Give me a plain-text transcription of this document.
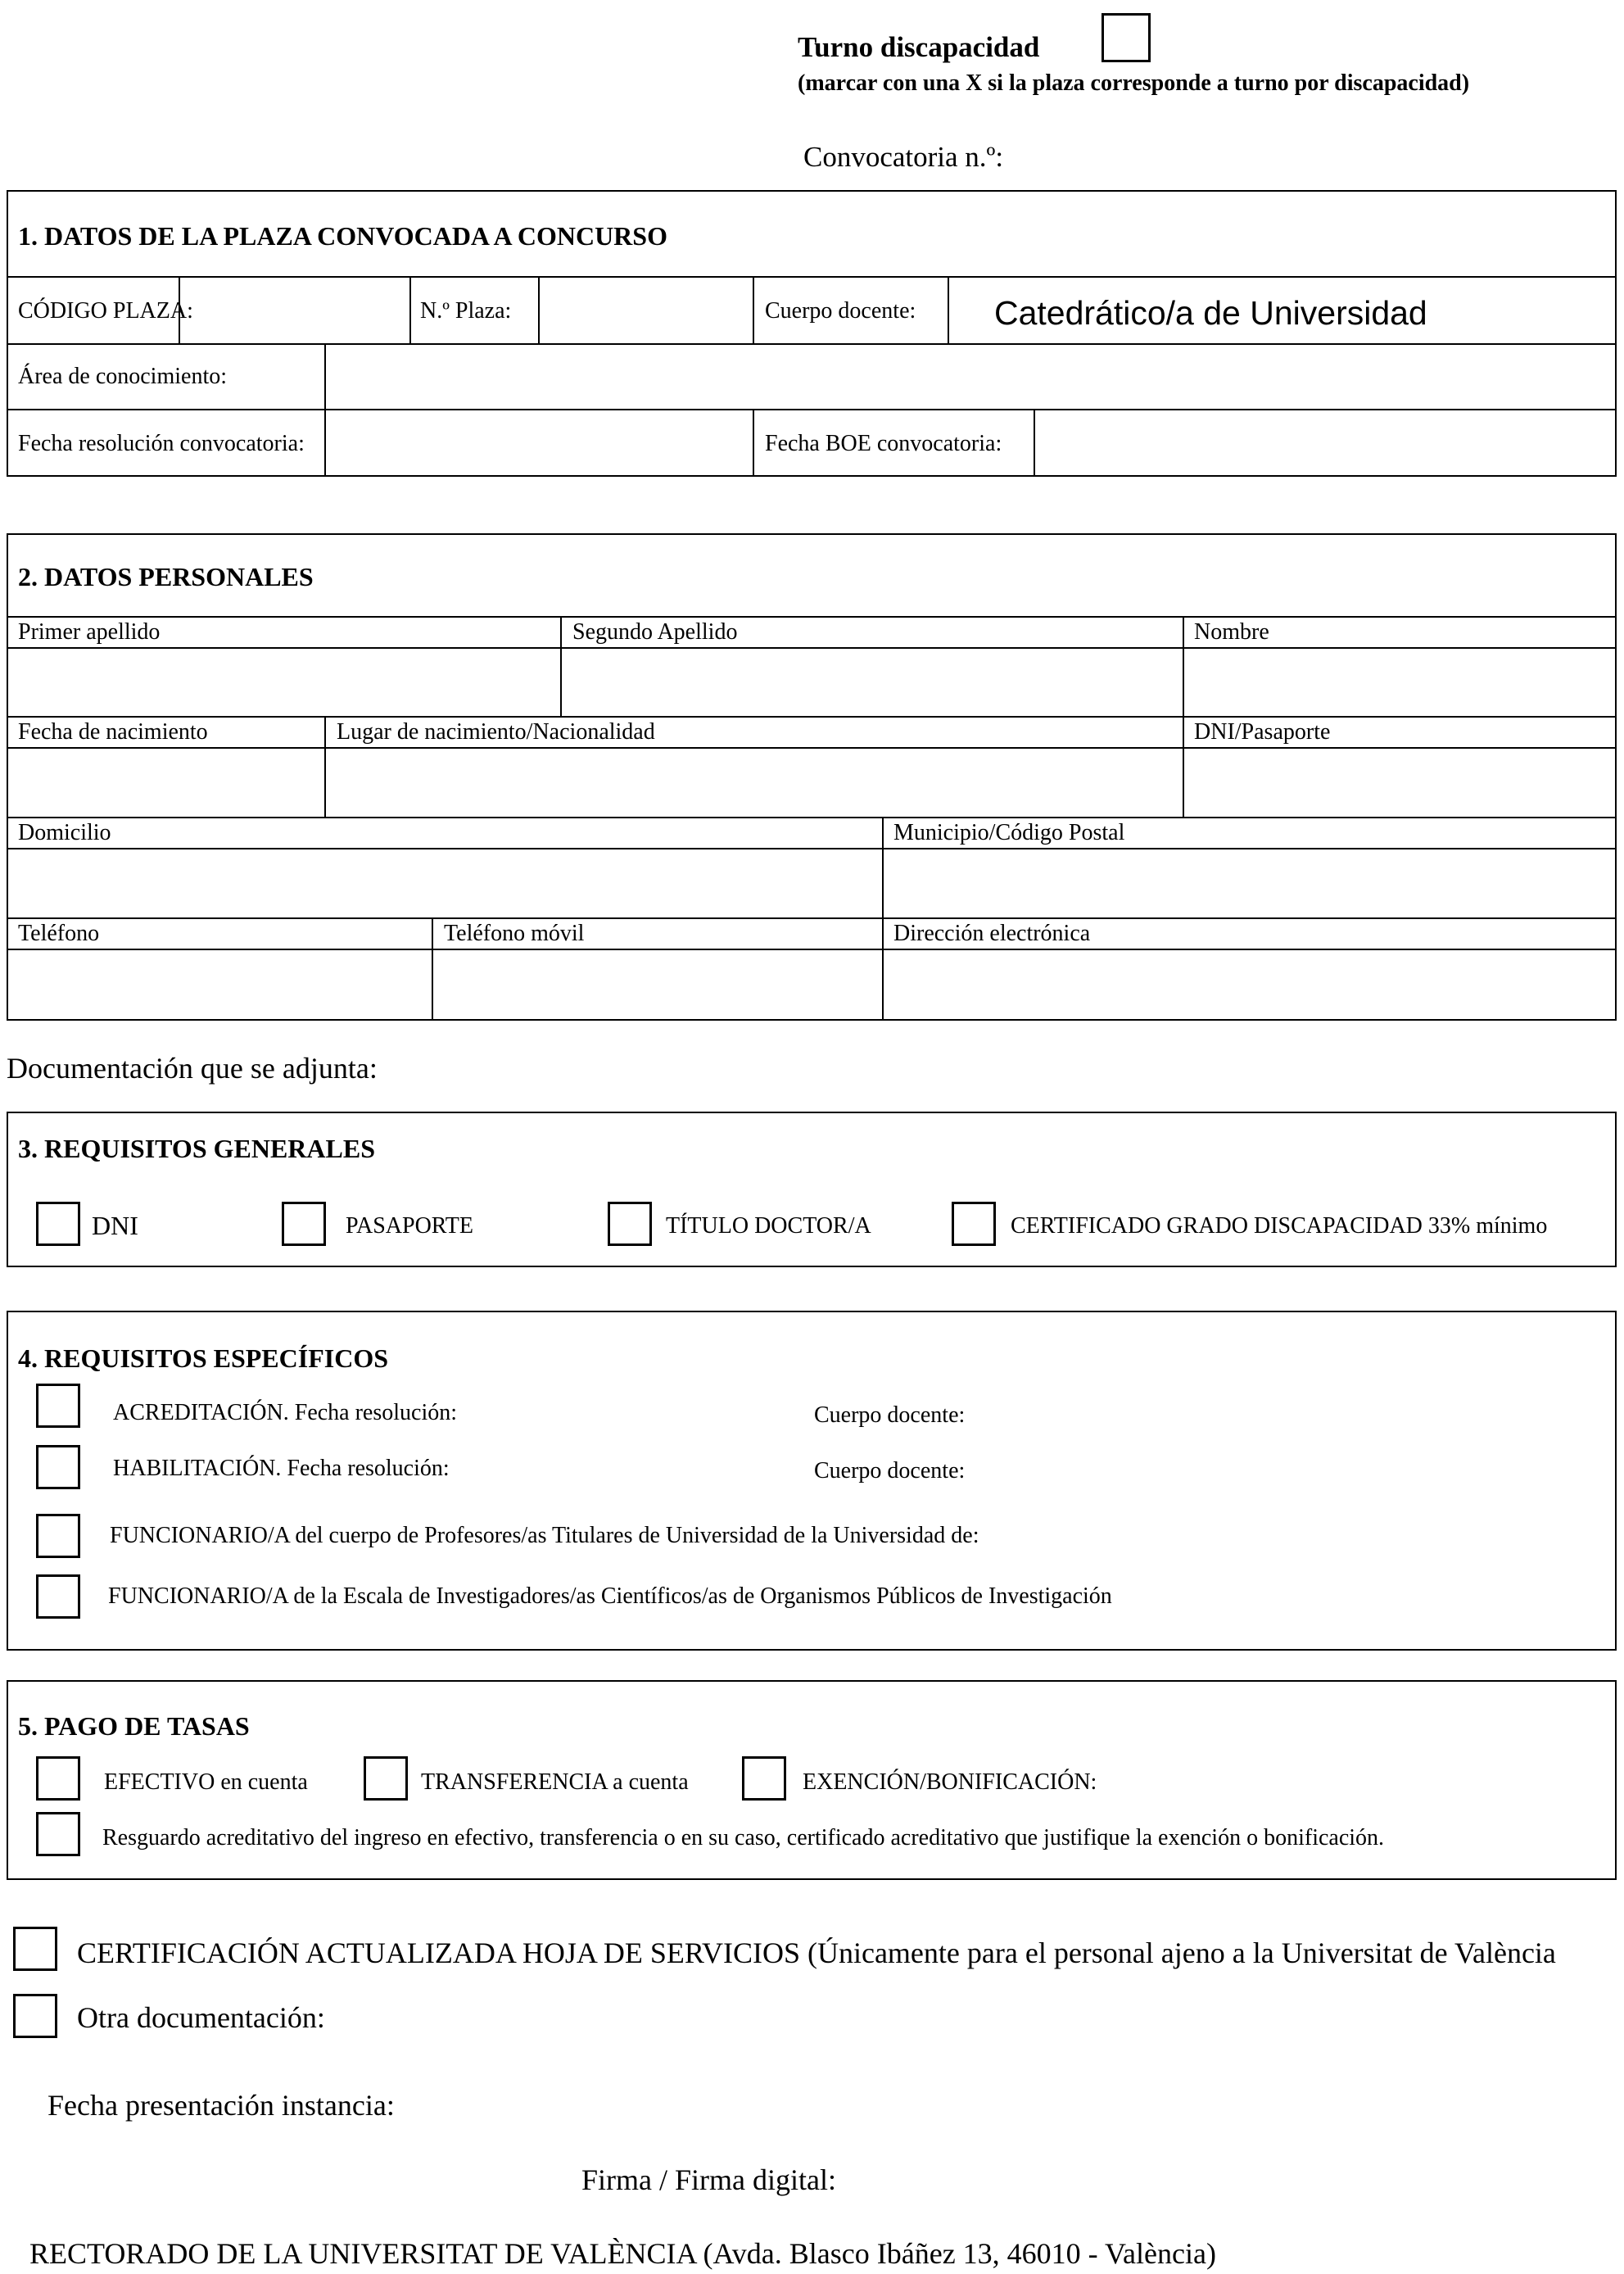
Turno discapacidad
(marcar con una X si la plaza corresponde a turno por discapacidad)
Convocatoria n.º:
1. DATOS DE LA PLAZA CONVOCADA A CONCURSO
CÓDIGO PLAZA:	N.º Plaza:	Cuerpo docente: Catedrático/a de Universidad
Área de conocimiento:
Fecha resolución convocatoria:	Fecha BOE convocatoria:
2. DATOS PERSONALES
Primer apellido	Segundo Apellido	Nombre
Fecha de nacimiento	Lugar de nacimiento/Nacionalidad	DNI/Pasaporte
Domicilio	Municipio/Código Postal
Teléfono	Teléfono móvil	Dirección electrónica
Documentación que se adjunta:
3. REQUISITOS GENERALES
DNI	PASAPORTE	TÍTULO DOCTOR/A	CERTIFICADO GRADO DISCAPACIDAD 33% mínimo
4. REQUISITOS ESPECÍFICOS
ACREDITACIÓN. Fecha resolución:	Cuerpo docente:
HABILITACIÓN. Fecha resolución:	Cuerpo docente:
FUNCIONARIO/A del cuerpo de Profesores/as Titulares de Universidad de la Universidad de:
FUNCIONARIO/A de la Escala de Investigadores/as Científicos/as de Organismos Públicos de Investigación
5. PAGO DE TASAS
EFECTIVO en cuenta	TRANSFERENCIA a cuenta	EXENCIÓN/BONIFICACIÓN:
Resguardo acreditativo del ingreso en efectivo, transferencia o en su caso, certificado acreditativo que justifique la exención o bonificación.
CERTIFICACIÓN ACTUALIZADA HOJA DE SERVICIOS (Únicamente para el personal ajeno a la Universitat de València
Otra documentación:
Fecha presentación instancia:
Firma / Firma digital:
RECTORADO DE LA UNIVERSITAT DE VALÈNCIA (Avda. Blasco Ibáñez 13, 46010 - València)
